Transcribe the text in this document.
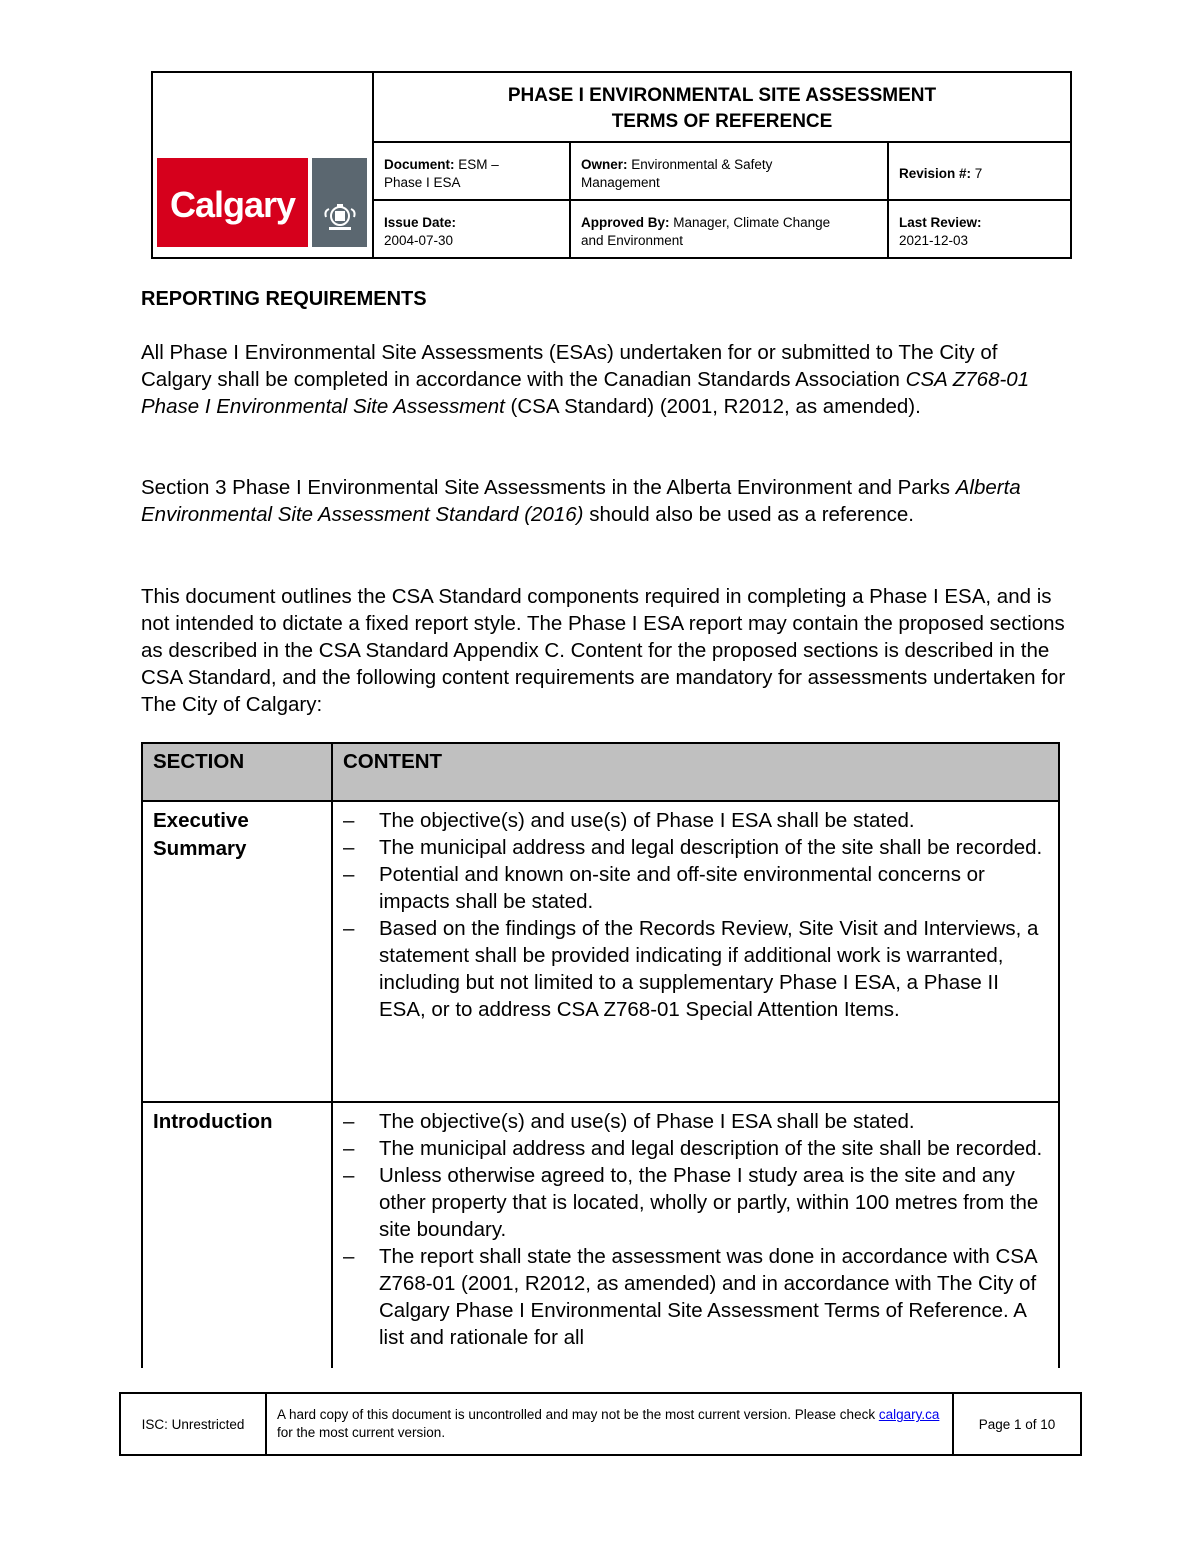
Calgary
PHASE I ENVIRONMENTAL SITE ASSESSMENT
TERMS OF REFERENCE
Document: ESM –
Phase I ESA
Owner: Environmental & Safety
Management
Revision #: 7
Issue Date:
2004-07-30
Approved By: Manager, Climate Change
and Environment
Last Review:
2021-12-03
REPORTING REQUIREMENTS
All Phase I Environmental Site Assessments (ESAs) undertaken for or submitted to The City of Calgary shall be completed in accordance with the Canadian Standards Association CSA Z768-01 Phase I Environmental Site Assessment (CSA Standard) (2001, R2012, as amended).
Section 3 Phase I Environmental Site Assessments in the Alberta Environment and Parks Alberta Environmental Site Assessment Standard (2016) should also be used as a reference.
This document outlines the CSA Standard components required in completing a Phase I ESA, and is not intended to dictate a fixed report style. The Phase I ESA report may contain the proposed sections as described in the CSA Standard Appendix C. Content for the proposed sections is described in the CSA Standard, and the following content requirements are mandatory for assessments undertaken for The City of Calgary:
SECTION	CONTENT
Executive
Summary
– The objective(s) and use(s) of Phase I ESA shall be stated.
– The municipal address and legal description of the site shall be recorded.
– Potential and known on-site and off-site environmental concerns or impacts shall be stated.
– Based on the findings of the Records Review, Site Visit and Interviews, a statement shall be provided indicating if additional work is warranted, including but not limited to a supplementary Phase I ESA, a Phase II ESA, or to address CSA Z768-01 Special Attention Items.
Introduction
–	The objective(s) and use(s) of Phase I ESA shall be stated.
– The municipal address and legal description of the site shall be recorded.
– Unless otherwise agreed to, the Phase I study area is the site and any other property that is located, wholly or partly, within 100 metres from the site boundary.
– The report shall state the assessment was done in accordance with CSA Z768-01 (2001, R2012, as amended) and in accordance with The City of Calgary Phase I Environmental Site Assessment Terms of Reference. A list and rationale for all
ISC: Unrestricted
A hard copy of this document is uncontrolled and may not be the most current version. Please check calgary.ca for the most current version.
Page 1 of 10
